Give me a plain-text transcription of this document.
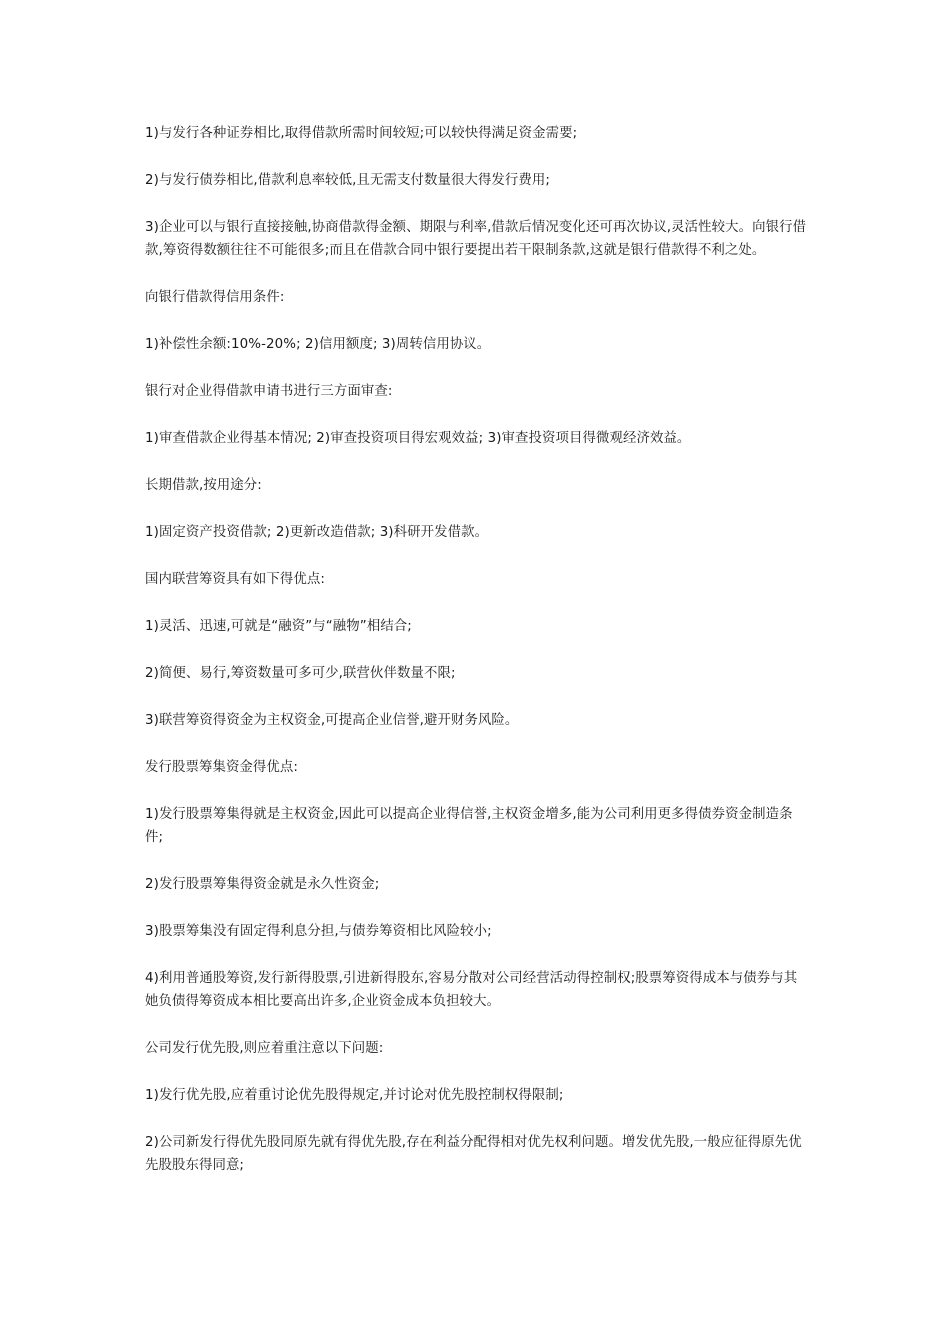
1)与发行各种证券相比,取得借款所需时间较短;可以较快得满足资金需要;

2)与发行债券相比,借款利息率较低,且无需支付数量很大得发行费用;

3)企业可以与银行直接接触,协商借款得金额、期限与利率,借款后情况变化还可再次协议,灵活性较大。向银行借款,筹资得数额往往不可能很多;而且在借款合同中银行要提出若干限制条款,这就是银行借款得不利之处。

向银行借款得信用条件:

1)补偿性余额:10%-20%; 2)信用额度; 3)周转信用协议。

银行对企业得借款申请书进行三方面审查:

1)审查借款企业得基本情况; 2)审查投资项目得宏观效益; 3)审查投资项目得微观经济效益。

长期借款,按用途分:

1)固定资产投资借款; 2)更新改造借款; 3)科研开发借款。

国内联营筹资具有如下得优点:

1)灵活、迅速,可就是“融资”与“融物”相结合;

2)简便、易行,筹资数量可多可少,联营伙伴数量不限;

3)联营筹资得资金为主权资金,可提高企业信誉,避开财务风险。

发行股票筹集资金得优点:

1)发行股票筹集得就是主权资金,因此可以提高企业得信誉,主权资金增多,能为公司利用更多得债券资金制造条件;

2)发行股票筹集得资金就是永久性资金;

3)股票筹集没有固定得利息分担,与债券筹资相比风险较小;

4)利用普通股筹资,发行新得股票,引进新得股东,容易分散对公司经营活动得控制权;股票筹资得成本与债券与其她负债得筹资成本相比要高出许多,企业资金成本负担较大。

公司发行优先股,则应着重注意以下问题:

1)发行优先股,应着重讨论优先股得规定,并讨论对优先股控制权得限制;

2)公司新发行得优先股同原先就有得优先股,存在利益分配得相对优先权利问题。增发优先股,一般应征得原先优先股股东得同意;
